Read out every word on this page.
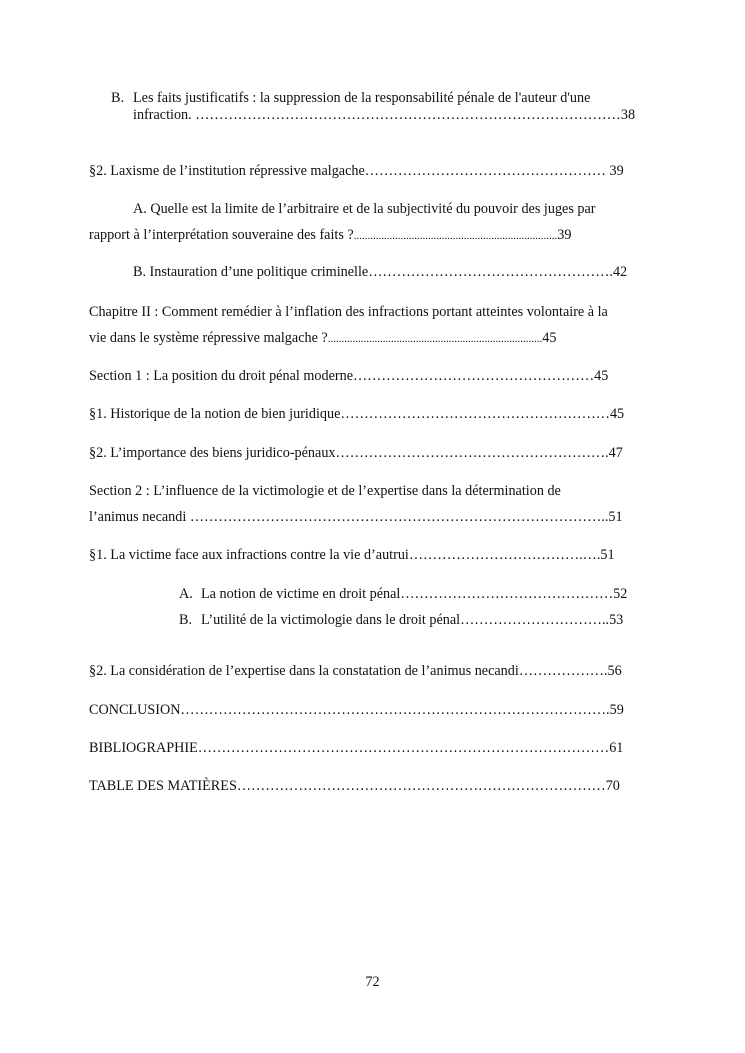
B. Les faits justificatifs : la suppression de la responsabilité pénale de l'auteur d'une
infraction. ………………………………………………………………………………38
§2. Laxisme de l’institution répressive malgache…………………………………………… 39
A. Quelle est la limite de l’arbitraire et de la subjectivité du pouvoir des juges par
rapport à l’interprétation souveraine des faits ?..........................................................................39
B. Instauration d’une politique criminelle…………………………………………….42
Chapitre II : Comment remédier à l’inflation des infractions portant atteintes volontaire à la
vie dans le système répressive malgache ?..............................................................................45
Section 1 : La position du droit pénal moderne……………………………………………45
§1. Historique de la notion de bien juridique…………………………………………………45
§2. L’importance des biens juridico-pénaux………………………………………………….47
Section 2 : L’influence de la victimologie et de l’expertise dans la détermination de
l’animus necandi ……………………………………………………………………………..51
§1. La victime face aux infractions contre la vie d’autrui……………………………….….51
A. La notion de victime en droit pénal………………………………………52
B. L’utilité de la victimologie dans le droit pénal…………………………..53
§2. La considération de l’expertise dans la constatation de l’animus necandi……………….56
CONCLUSION……………………………………………………………………………….59
BIBLIOGRAPHIE……………………………………………………………………………61
TABLE DES MATIÈRES……………………………………………………………………70
72
